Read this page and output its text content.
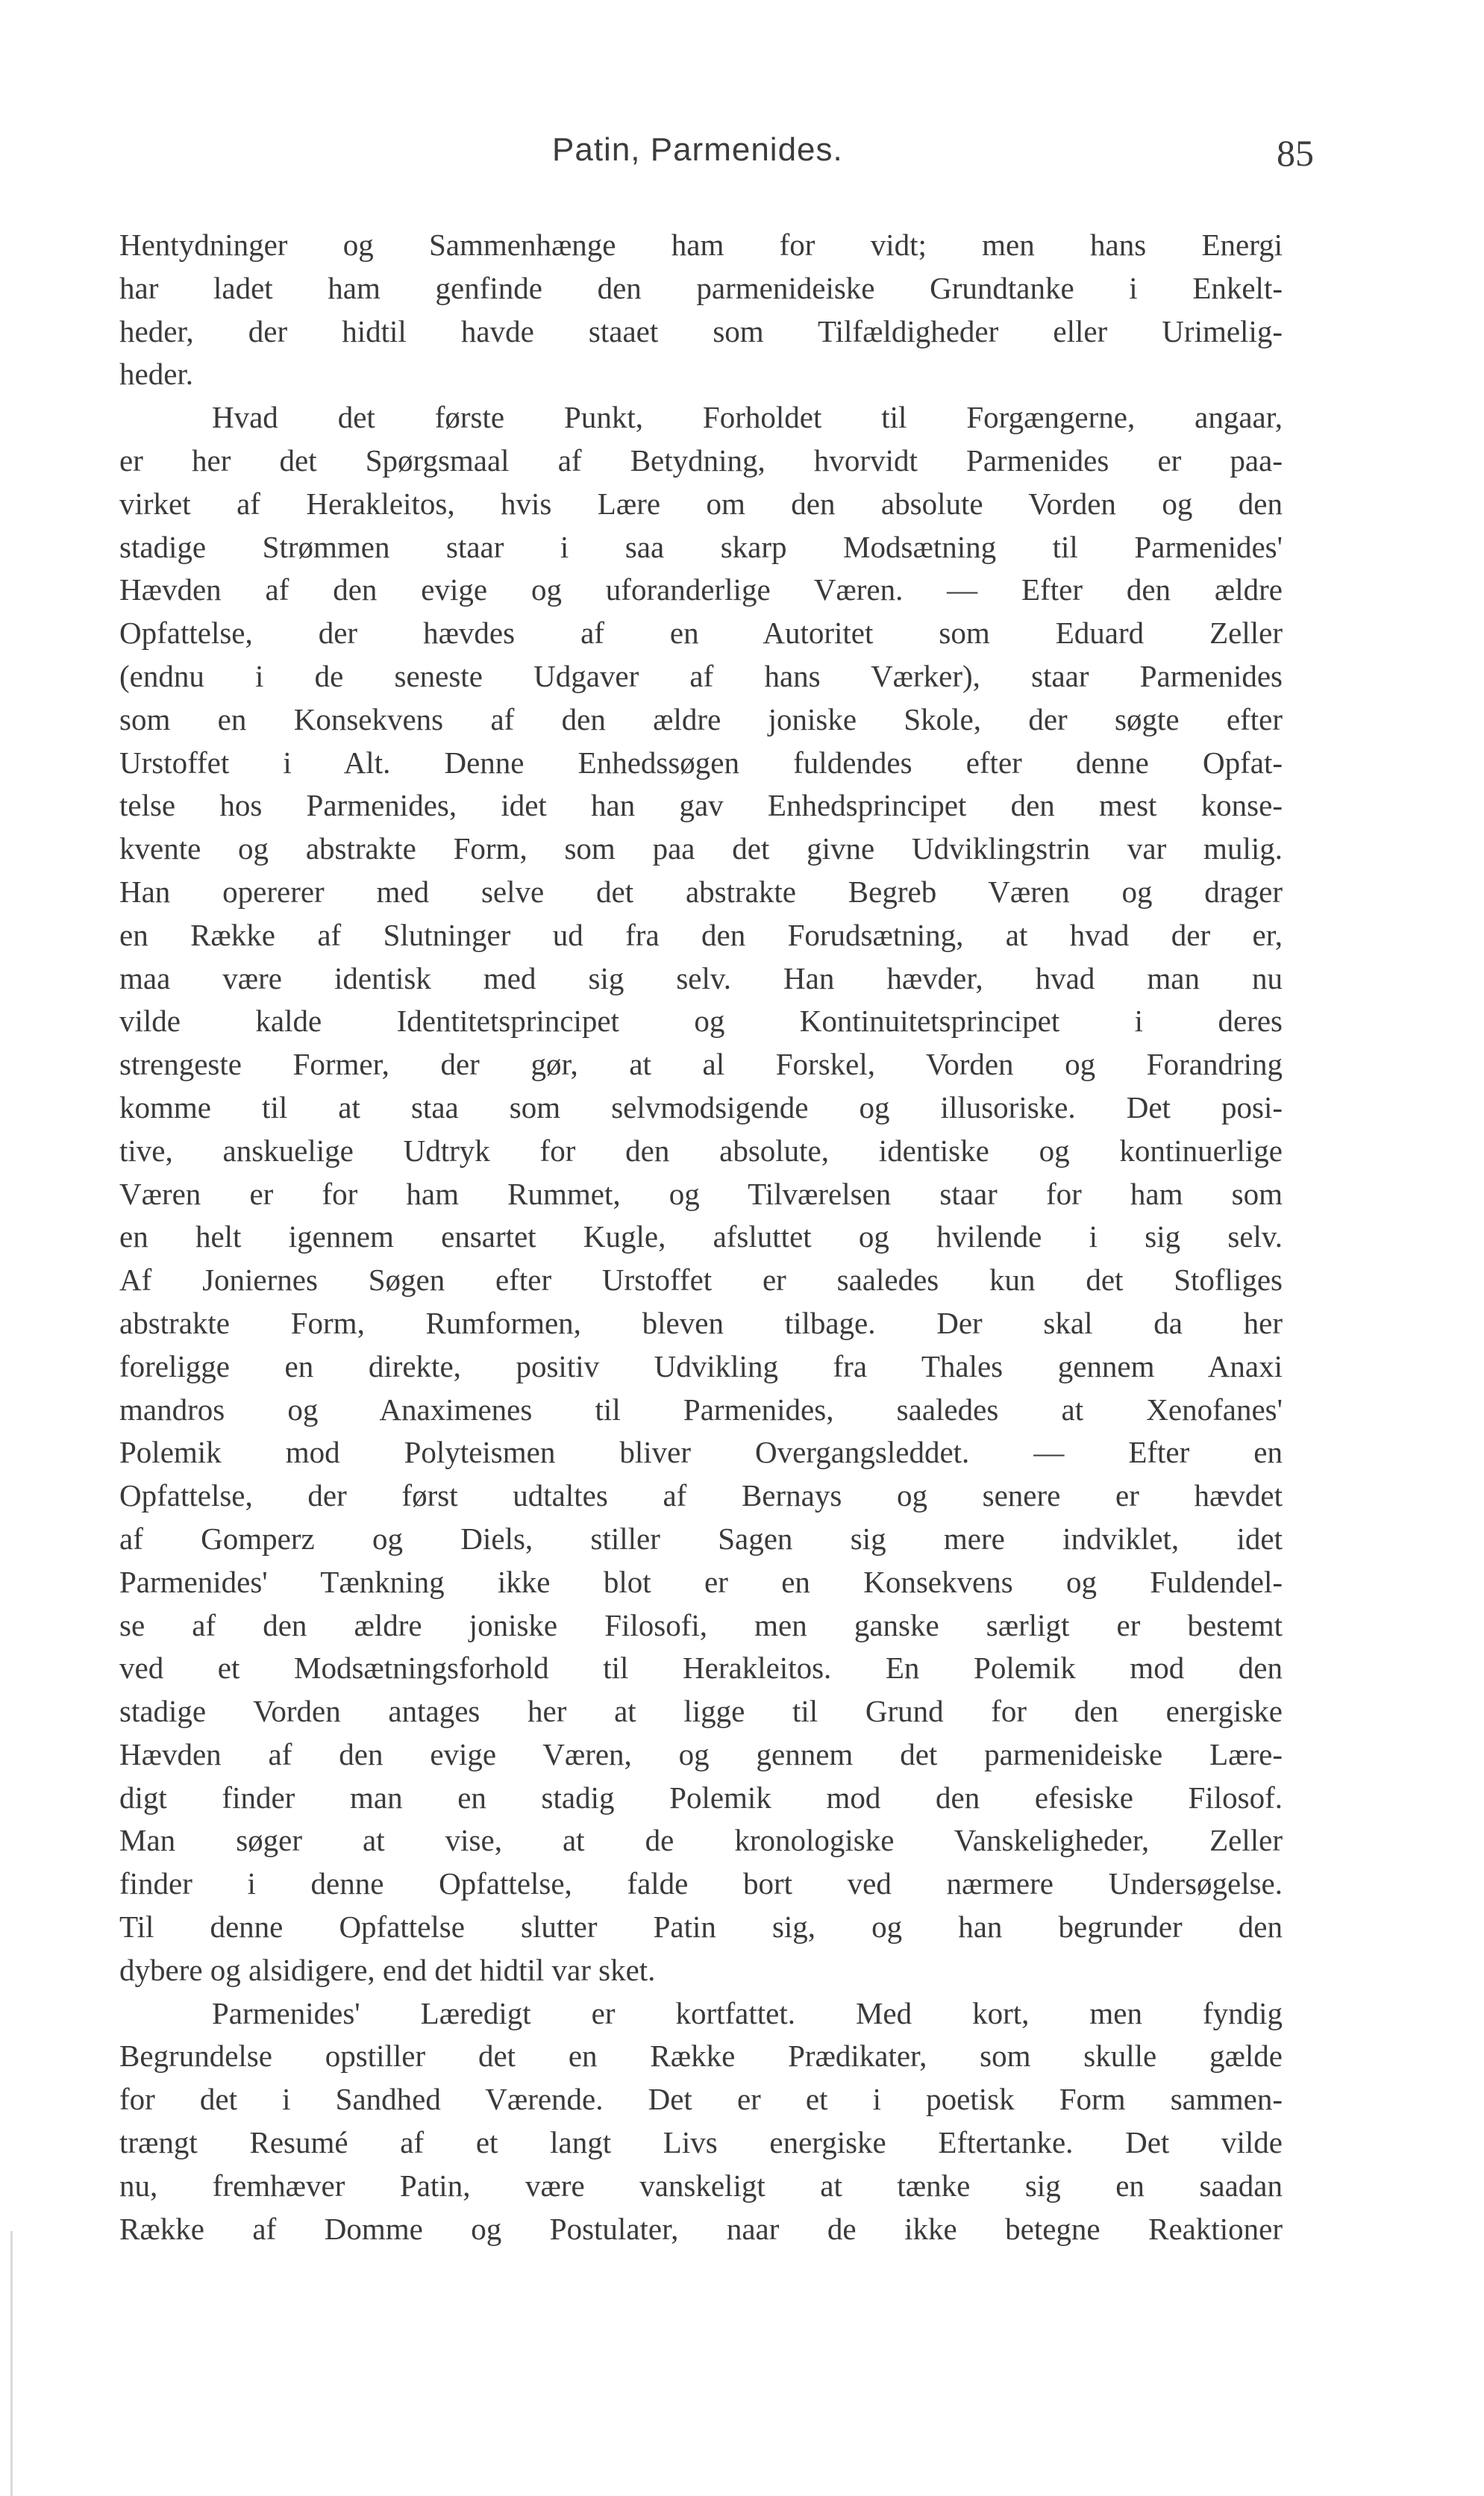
Patin, Parmenides.	85
Hentydninger og Sammenhænge ham for vidt; men hans Energi
har ladet ham genfinde den parmenideiske Grundtanke i Enkelt-
heder, der hidtil havde staaet som Tilfældigheder eller Urimelig-
heder.
Hvad det første Punkt, Forholdet til Forgængerne, angaar,
er her det Spørgsmaal af Betydning, hvorvidt Parmenides er paa-
virket af Herakleitos, hvis Lære om den absolute Vorden og den
stadige Strømmen staar i saa skarp Modsætning til Parmenides'
Hævden af den evige og uforanderlige Væren. — Efter den ældre
Opfattelse, der hævdes af en Autoritet som Eduard Zeller
(endnu i de seneste Udgaver af hans Værker), staar Parmenides
som en Konsekvens af den ældre joniske Skole, der søgte efter
Urstoffet i Alt. Denne Enhedssøgen fuldendes efter denne Opfat-
telse hos Parmenides, idet han gav Enhedsprincipet den mest konse-
kvente og abstrakte Form, som paa det givne Udviklingstrin var mulig.
Han opererer med selve det abstrakte Begreb Væren og drager
en Række af Slutninger ud fra den Forudsætning, at hvad der er,
maa være identisk med sig selv. Han hævder, hvad man nu
vilde kalde Identitetsprincipet og Kontinuitetsprincipet i deres
strengeste Former, der gør, at al Forskel, Vorden og Forandring
komme til at staa som selvmodsigende og illusoriske. Det posi-
tive, anskuelige Udtryk for den absolute, identiske og kontinuerlige
Væren er for ham Rummet, og Tilværelsen staar for ham som
en helt igennem ensartet Kugle, afsluttet og hvilende i sig selv.
Af Joniernes Søgen efter Urstoffet er saaledes kun det Stofliges
abstrakte Form, Rumformen, bleven tilbage. Der skal da her
foreligge en direkte, positiv Udvikling fra Thales gennem Anaxi
mandros og Anaximenes til Parmenides, saaledes at Xenofanes'
Polemik mod Polyteismen bliver Overgangsleddet. — Efter en
Opfattelse, der først udtaltes af Bernays og senere er hævdet
af Gomperz og Diels, stiller Sagen sig mere indviklet, idet
Parmenides' Tænkning ikke blot er en Konsekvens og Fuldendel-
se af den ældre joniske Filosofi, men ganske særligt er bestemt
ved et Modsætningsforhold til Herakleitos. En Polemik mod den
stadige Vorden antages her at ligge til Grund for den energiske
Hævden af den evige Væren, og gennem det parmenideiske Lære-
digt finder man en stadig Polemik mod den efesiske Filosof.
Man søger at vise, at de kronologiske Vanskeligheder, Zeller
finder i denne Opfattelse, falde bort ved nærmere Undersøgelse.
Til denne Opfattelse slutter Patin sig, og han begrunder den
dybere og alsidigere, end det hidtil var sket.
Parmenides' Læredigt er kortfattet. Med kort, men fyndig
Begrundelse opstiller det en Række Prædikater, som skulle gælde
for det i Sandhed Værende. Det er et i poetisk Form sammen-
trængt Resumé af et langt Livs energiske Eftertanke. Det vilde
nu, fremhæver Patin, være vanskeligt at tænke sig en saadan
Række af Domme og Postulater, naar de ikke betegne Reaktioner
